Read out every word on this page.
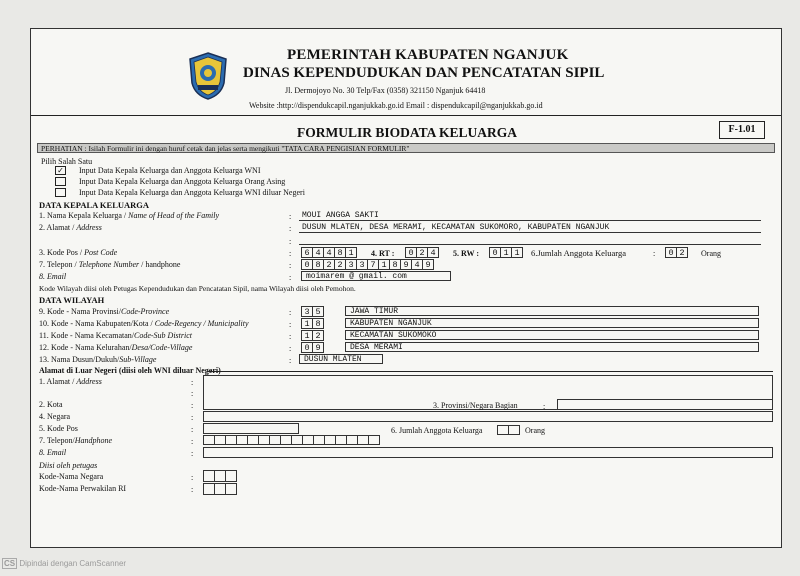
PEMERINTAH KABUPATEN NGANJUK
DINAS KEPENDUDUKAN DAN PENCATATAN SIPIL
Jl. Dermojoyo No. 30 Telp/Fax (0358) 321150 Nganjuk 64418
Website :http://dispendukcapil.nganjukkab.go.id Email : dispendukcapil@nganjukkab.go.id
FORMULIR BIODATA KELUARGA	F-1.01
PERHATIAN : Isilah Formulir ini dengan huruf cetak dan jelas serta mengikuti "TATA CARA PENGISIAN FORMULIR"
Pilih Salah Satu
✓ Input Data Kepala Keluarga dan Anggota Keluarga WNI
Input Data Kepala Keluarga dan Anggota Keluarga Orang Asing
Input Data Kepala Keluarga dan Anggota Keluarga WNI diluar Negeri
DATA KEPALA KELUARGA
1. Nama Kepala Keluarga / Name of Head of the Family	:	MOUI ANGGA SAKTI
2. Alamat / Address	:	DUSUN MLATEN, DESA MERAMI, KECAMATAN SUKOMORO, KABUPATEN NGANJUK
:
3. Kode Pos / Post Code	: 6 4 4 8 1	4. RT : 0 2 4	5. RW : 0 1 1 6.Jumlah Anggota Keluarga	: 0 2	Orang
7. Telepon / Telephone Number / handphone	: 0 8 2 2 3 3 7 1 8 9 4 9
8. Email	:	moimarem @ gmail. com
Kode Wilayah diisi oleh Petugas Kependudukan dan Pencatatan Sipil, nama Wilayah diisi oleh Pemohon.
DATA WILAYAH
9. Kode - Nama Provinsi/Code-Province	: 3 5	JAWA TIMUR
10. Kode - Nama Kabupaten/Kota / Code-Regency / Municipality	: 1 8	KABUPATEN NGANJUK
11. Kode - Nama Kecamatan/Code-Sub District	: 1 2	KECAMATAN SUKOMOKO
12. Kode - Nama Kelurahan/Desa/Code-Village	: 0 9	DESA MERAMI
13. Nama Dusun/Dukuh/Sub-Village	:	DUSUN MLATEN
Alamat di Luar Negeri (diisi oleh WNI diluar Negeri)
1. Alamat / Address	:
:
2. Kota	:	3. Provinsi/Negara Bagian	:
4. Negara	:
5. Kode Pos	:	6. Jumlah Anggota Keluarga	Orang
7. Telepon/Handphone	:
8. Email	:
Diisi oleh petugas
Kode-Nama Negara	:
Kode-Nama Perwakilan RI	:
CS Dipindai dengan CamScanner
